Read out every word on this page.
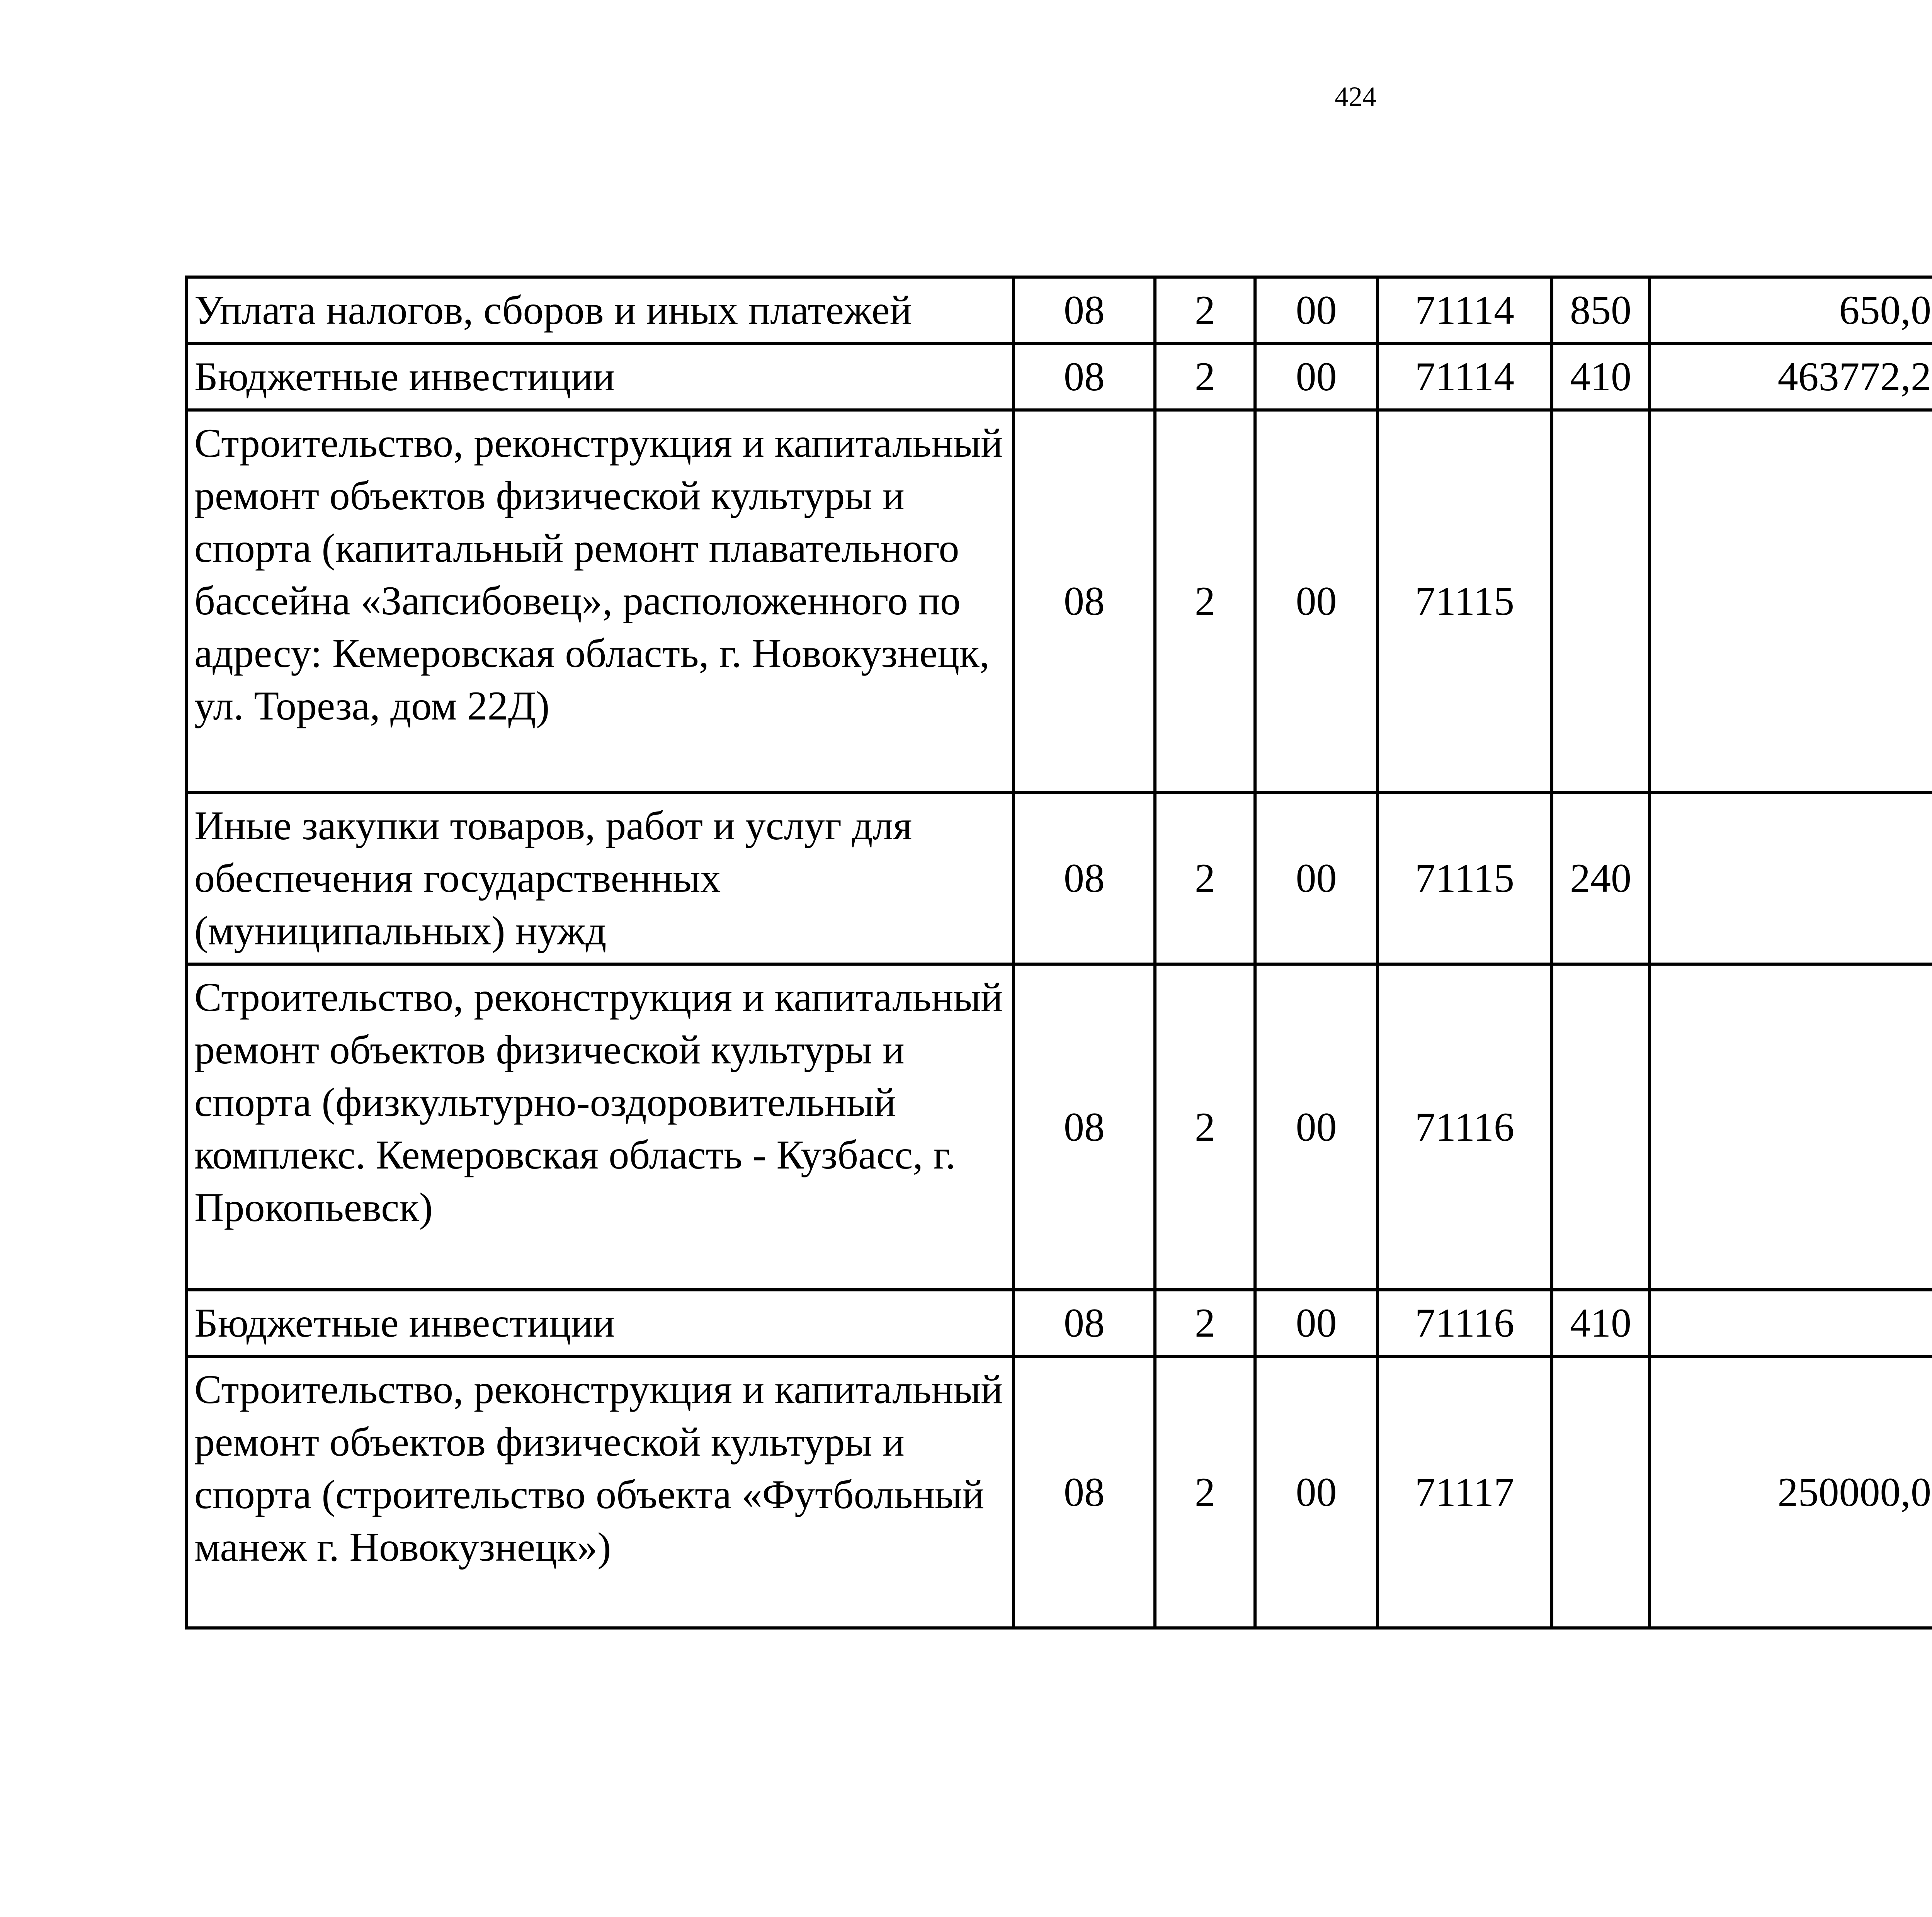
424
Уплата налогов, сборов и иных платежей	08	2	00	71114	850	650,0		
Бюджетные инвестиции	08	2	00	71114	410	463772,2		
Строительство, реконструкция и капитальный ремонт объектов физической культуры и спорта (капитальный ремонт плавательного бассейна «Запсибовец», расположенного по адресу: Кемеровская область, г. Новокузнецк, ул. Тореза, дом 22Д)	08	2	00	71115				
Иные закупки товаров, работ и услуг для обеспечения государственных (муниципальных) нужд	08	2	00	71115	240			
Строительство, реконструкция и капитальный ремонт объектов физической культуры и спорта (физкультурно-оздоровительный комплекс. Кемеровская область - Кузбасс, г. Прокопьевск)	08	2	00	71116				
Бюджетные инвестиции	08	2	00	71116	410			
Строительство, реконструкция и капитальный ремонт объектов физической культуры и спорта (строительство объекта «Футбольный манеж г. Новокузнецк»)	08	2	00	71117		250000,0		
